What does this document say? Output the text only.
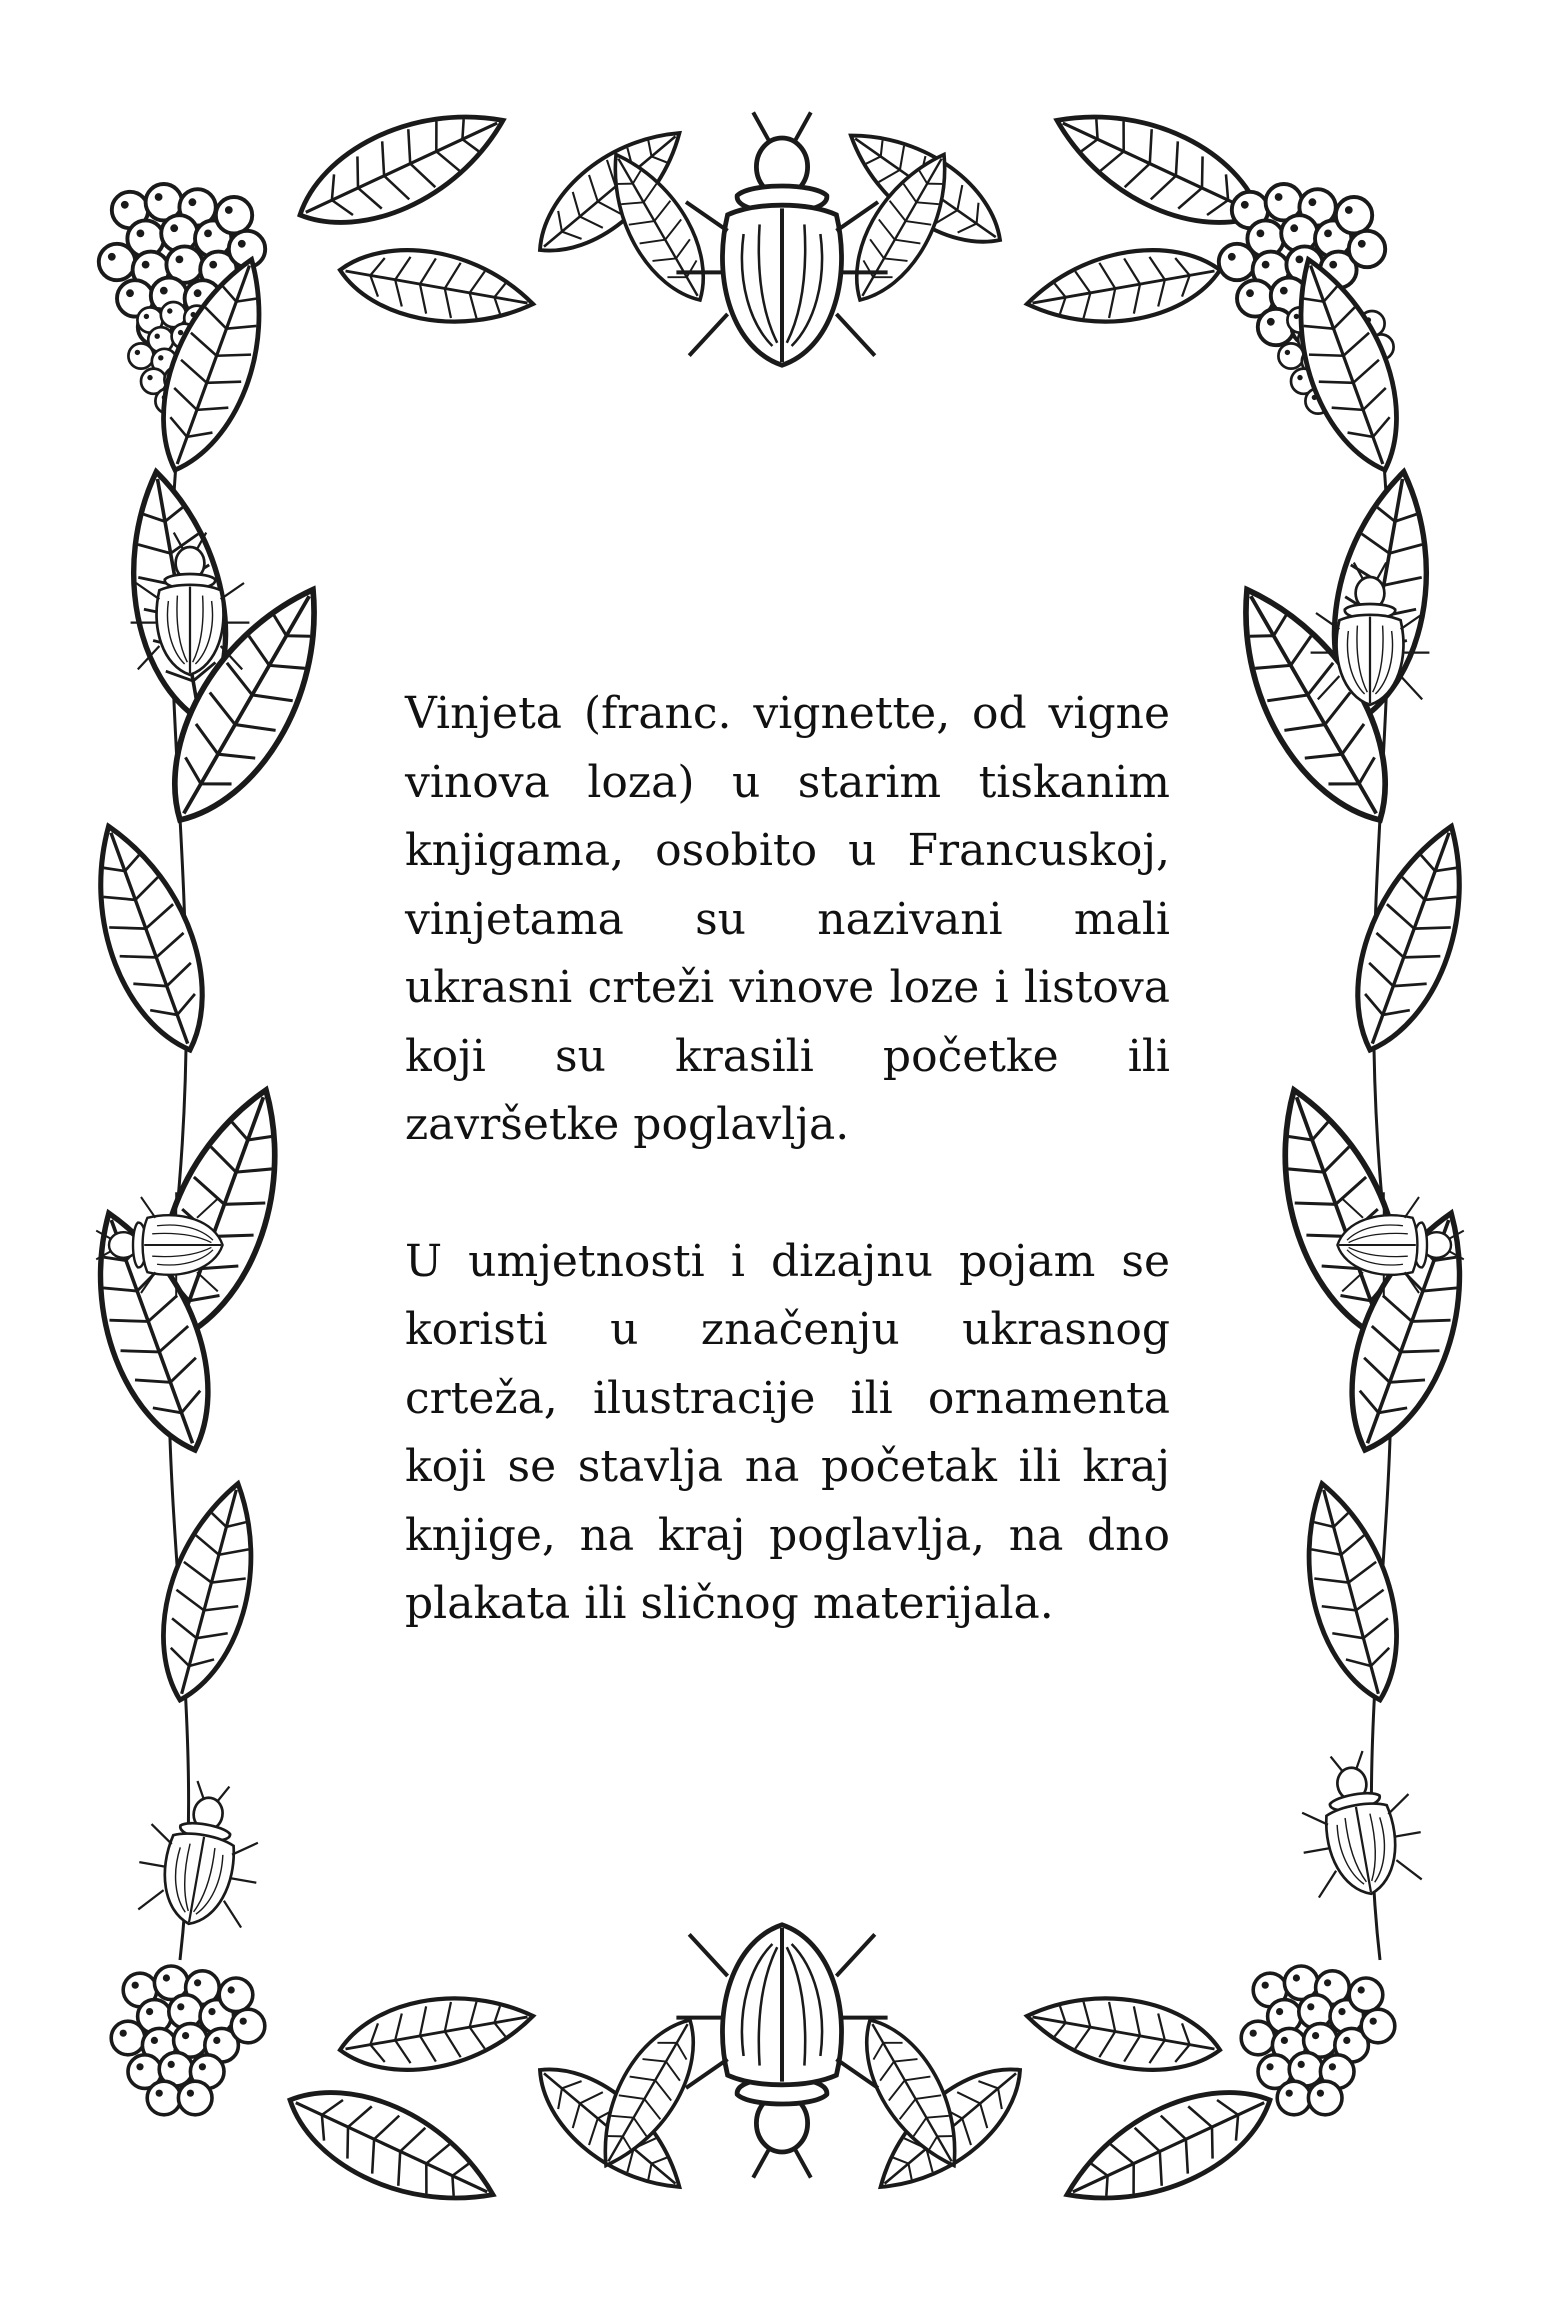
Vinjeta (franc. vignette, od vigne vinova loza) u starim tiskanim knjigama, osobito u Francuskoj, vinjetama su nazivani mali ukrasni crteži vinove loze i listova koji su krasili početke ili završetke poglavlja.

U umjetnosti i dizajnu pojam se koristi u značenju ukrasnog crteža, ilustracije ili ornamenta koji se stavlja na početak ili kraj knjige, na kraj poglavlja, na dno plakata ili sličnog materijala.
